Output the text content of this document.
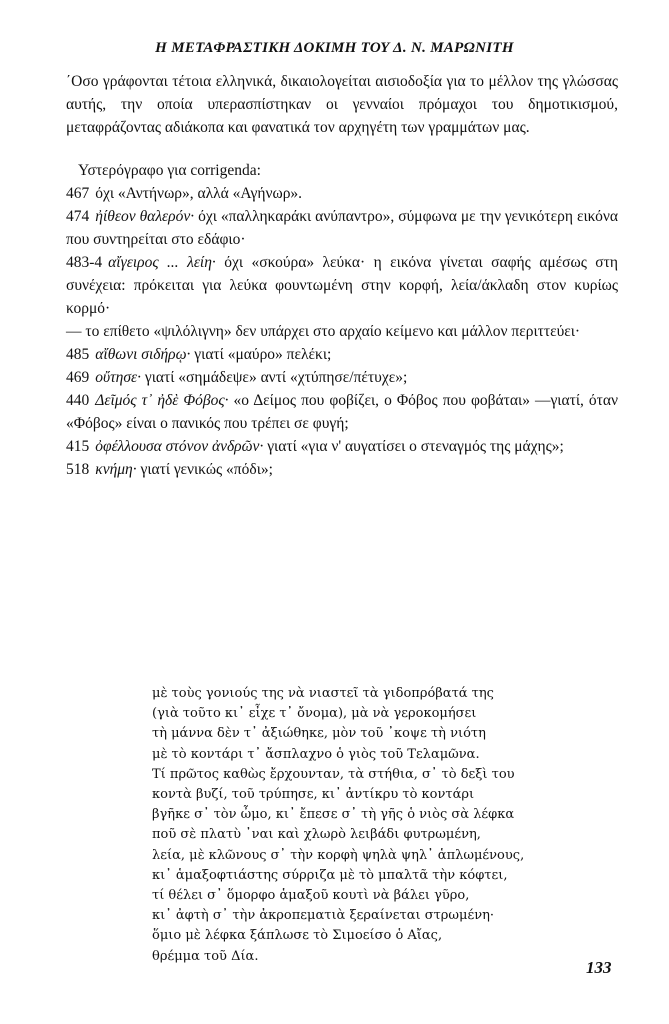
Η ΜΕΤΑΦΡΑΣΤΙΚΗ ΔΟΚΙΜΗ ΤΟΥ Δ. Ν. ΜΑΡΩΝΙΤΗ

΄Οσο γράφονται τέτοια ελληνικά, δικαιολογείται αισιοδοξία για το μέλλον της γλώσσας αυτής, την οποία υπερασπίστηκαν οι γενναίοι πρόμαχοι του δημοτικισμού, μεταφράζοντας αδιάκοπα και φανατικά τον αρχηγέτη των γραμμάτων μας.

Υστερόγραφο για corrigenda:

467 όχι «Αντήνωρ», αλλά «Αγήνωρ».

474 ἠίθεον θαλερόν· όχι «παλληκαράκι ανύπαντρο», σύμφωνα με την γενικότερη εικόνα που συντηρείται στο εδάφιο·

483-4 αἴγειρος ... λείη· όχι «σκούρα» λεύκα· η εικόνα γίνεται σαφής αμέσως στη συνέχεια: πρόκειται για λεύκα φουντωμένη στην κορφή, λεία/άκλαδη στον κυρίως κορμό·

— το επίθετο «ψιλόλιγνη» δεν υπάρχει στο αρχαίο κείμενο και μάλλον περιττεύει·

485 αἴθωνι σιδήρῳ· γιατί «μαύρο» πελέκι;

469 οὔτησε· γιατί «σημάδεψε» αντί «χτύπησε/πέτυχε»;

440 Δεῖμός τ᾽ ἠδὲ Φόβος· «ο Δείμος που φοβίζει, ο Φόβος που φοβάται» —γιατί, όταν «Φόβος» είναι ο πανικός που τρέπει σε φυγή;

415 ὀφέλλουσα στόνον ἀνδρῶν· γιατί «για ν' αυγατίσει ο στεναγμός της μάχης»;

518 κνήμη· γιατί γενικώς «πόδι»;

μὲ τοὺς γονιούς της νὰ νιαστεῖ τὰ γιδοπρόβατά της
(γιὰ τοῦτο κι᾽ εἶχε τ᾽ ὄνομα), μὰ νὰ γεροκομήσει
τὴ μάννα δὲν τ᾽ ἀξιώθηκε, μὸν τοῦ ᾽κοψε τὴ νιότη
μὲ τὸ κοντάρι τ᾽ ἄσπλαχνο ὁ γιὸς τοῦ Τελαμῶνα.
Τί πρῶτος καθὼς ἔρχουνταν, τὰ στήθια, σ᾽ τὸ δεξὶ του
κοντὰ βυζί, τοῦ τρύπησε, κι᾽ ἀντίκρυ τὸ κοντάρι
βγῆκε σ᾽ τὸν ὦμο, κι᾽ ἔπεσε σ᾽ τὴ γῆς ὁ νιὸς σὰ λέφκα
ποῦ σὲ πλατὺ ᾽ναι καὶ χλωρὸ λειβάδι φυτρωμένη,
λεία, μὲ κλῶνους σ᾽ τὴν κορφὴ ψηλὰ ψηλ᾽ ἁπλωμένους,
κι᾽ ἁμαξοφτιάστης σύρριζα μὲ τὸ μπαλτᾶ τὴν κόφτει,
τί θέλει σ᾽ ὅμορφο ἁμαξοῦ κουτὶ νὰ βάλει γῦρο,
κι᾽ ἀφτὴ σ᾽ τὴν ἀκροπεματιὰ ξεραίνεται στρωμένη·
ὅμιο μὲ λέφκα ξάπλωσε τὸ Σιμοείσο ὁ Αἴας,
θρέμμα τοῦ Δία.
133
